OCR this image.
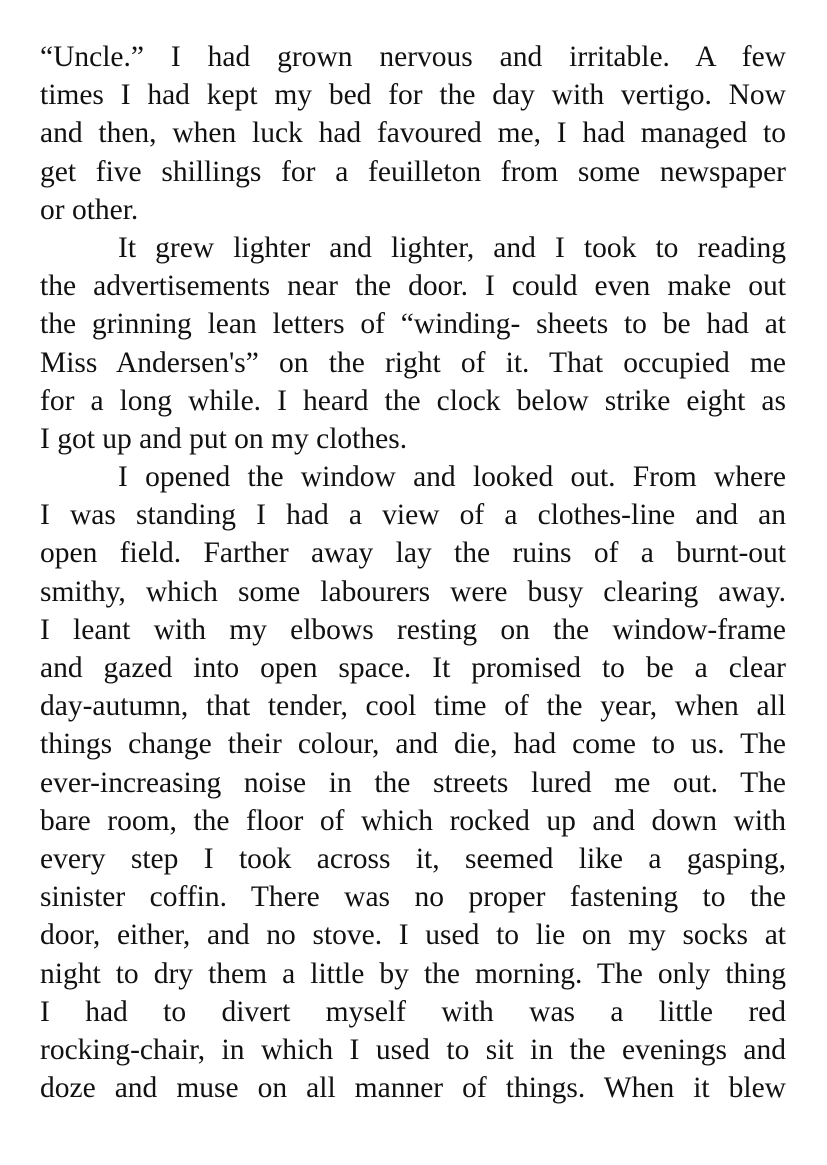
“Uncle.” I had grown nervous and irritable. A few
times I had kept my bed for the day with vertigo. Now
and then, when luck had favoured me, I had managed to
get five shillings for a feuilleton from some newspaper
or other.

It grew lighter and lighter, and I took to reading
the advertisements near the door. I could even make out
the grinning lean letters of “winding- sheets to be had at
Miss Andersen's” on the right of it. That occupied me
for a long while. I heard the clock below strike eight as
I got up and put on my clothes.

I opened the window and looked out. From where
I was standing I had a view of a clothes-line and an
open field. Farther away lay the ruins of a burnt-out
smithy, which some labourers were busy clearing away.
I leant with my elbows resting on the window-frame
and gazed into open space. It promised to be a clear
day-autumn, that tender, cool time of the year, when all
things change their colour, and die, had come to us. The
ever-increasing noise in the streets lured me out. The
bare room, the floor of which rocked up and down with
every step I took across it, seemed like a gasping,
sinister coffin. There was no proper fastening to the
door, either, and no stove. I used to lie on my socks at
night to dry them a little by the morning. The only thing
I had to divert myself with was a little red
rocking-chair, in which I used to sit in the evenings and
doze and muse on all manner of things. When it blew
